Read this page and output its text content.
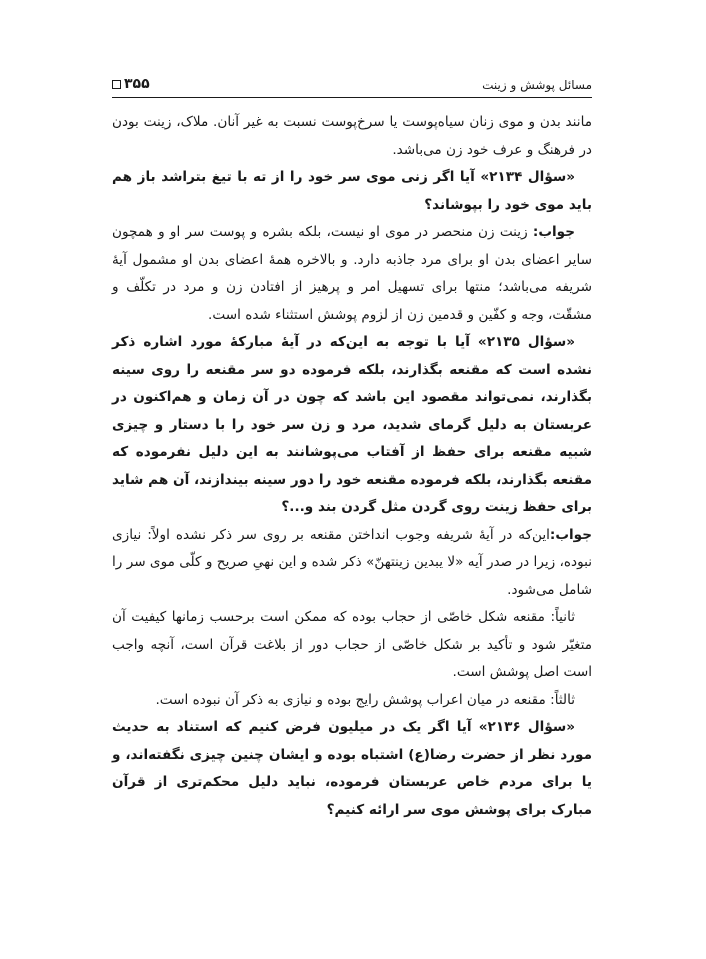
مسائل پوشش و زینت
۳۵۵

مانند بدن و موی زنان سیاه‌پوست یا سرخ‌پوست نسبت به غیر آنان. ملاک، زینت بودن در فرهنگ و عرف خود زن می‌باشد.

«سؤال ۲۱۳۴» آیا اگر زنی موی سر خود را از ته با تیغ بتراشد باز هم باید موی خود را بپوشاند؟

جواب: زینت زن منحصر در موی او نیست، بلکه بشره و پوست سر او و همچون سایر اعضای بدن او برای مرد جاذبه دارد. و بالاخره همهٔ اعضای بدن او مشمول آیهٔ شریفه می‌باشد؛ منتها برای تسهیل امر و پرهیز از افتادن زن و مرد در تکلّف و مشقّت، وجه و کفّین و قدمین زن از لزوم پوشش استثناء شده است.

«سؤال ۲۱۳۵» آیا با توجه به این‌که در آیهٔ مبارکهٔ مورد اشاره ذکر نشده است که مقنعه بگذارند، بلکه فرموده دو سر مقنعه را روی سینه بگذارند، نمی‌تواند مقصود این باشد که چون در آن زمان و هم‌اکنون در عربستان به دلیل گرمای شدید، مرد و زن سر خود را با دستار و چیزی شبیه مقنعه برای حفظ از آفتاب می‌پوشانند به این دلیل نفرموده که مقنعه بگذارند، بلکه فرموده مقنعه خود را دور سینه بیندازند، آن هم شاید برای حفظ زینت روی گردن مثل گردن بند و...؟

جواب:این‌که در آیهٔ شریفه وجوب انداختن مقنعه بر روی سر ذکر نشده اولاً: نیازی نبوده، زیرا در صدر آیه «لا یبدین زینتهنّ» ذکر شده و این نهیِ صریح و کلّی موی سر را شامل می‌شود.

ثانیاً: مقنعه شکل خاصّی از حجاب بوده که ممکن است برحسب زمانها کیفیت آن متغیّر شود و تأکید بر شکل خاصّی از حجاب دور از بلاغت قرآن است، آنچه واجب است اصل پوشش است.

ثالثاً: مقنعه در میان اعراب پوشش رایج بوده و نیازی به ذکر آن نبوده است.

«سؤال ۲۱۳۶» آیا اگر یک در میلیون فرض کنیم که استناد به حدیث مورد نظر از حضرت رضا(ع) اشتباه بوده و ایشان چنین چیزی نگفته‌اند، و یا برای مردم خاص عربستان فرموده، نباید دلیل محکم‌تری از قرآن مبارک برای پوشش موی سر ارائه کنیم؟
